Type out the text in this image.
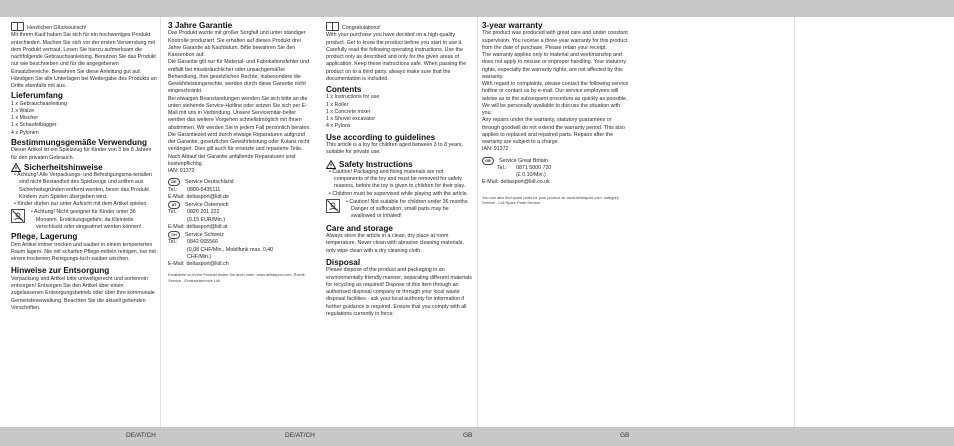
Herzlichen Glückwunsch!

Mit Ihrem Kauf haben Sie sich für ein hochwertiges Produkt entschieden. Machen Sie sich vor der ersten Verwendung mit dem Produkt vertraut. Lesen Sie hierzu aufmerksam die nachfolgende Gebrauchsanleitung. Benutzen Sie das Produkt nur wie beschrieben und für die angegebenen Einsatzbereiche. Bewahren Sie diese Anleitung gut auf. Händigen Sie alle Unterlagen bei Weitergabe des Produkts an Dritte ebenfalls mit aus.

Lieferumfang
1 x Gebrauchsanleitung
1 x Walze
1 x Mischer
1 x Schaufelbagger
4 x Pylonen
Bestimmungsgemäße Verwendung

Dieser Artikel ist ein Spielzeug für Kinder von 3 bis 8 Jahren für den privaten Gebrauch.

Sicherheitshinweise
• Achtung! Alle Verpackungs- und Befestigungsma-terialien sind nicht Bestandteil des Spielzeugs und sollten aus Sicherheitsgründen entfernt werden, bevor das Produkt Kindern zum Spielen übergeben wird.
• Kinder dürfen nur unter Aufsicht mit dem Artikel spielen.

• Achtung! Nicht geeignet für Kinder unter 36 Monaten. Erstickungsgefahr, da Kleinteile verschluckt oder eingeatmet werden können!

Pflege, Lagerung

Den Artikel immer trocken und sauber in einem temperierten Raum lagern. Nie mit scharfen Pflege-mitteln reinigen, nur mit einem trockenen Reinigungs-tuch sauber wischen.

Hinweise zur Entsorgung

Verpackung und Artikel bitte umweltgerecht und sortenrein entsorgen! Entsorgen Sie den Artikel über einen zugelassenen Entsorgungsbetrieb oder über Ihre kommunale Gemeindeverwaltung. Beachten Sie die aktuell geltenden Vorschriften.

3 Jahre Garantie

Das Produkt wurde mit großer Sorgfalt und unter ständiger Kontrolle produziert. Sie erhalten auf dieses Produkt drei Jahre Garantie ab Kaufdatum. Bitte bewahren Sie den Kassenbon auf.

Die Garantie gilt nur für Material- und Fabrikationsfehler und entfällt bei missbräuchlicher oder unsachgemäßer Behandlung. Ihre gesetzlichen Rechte, insbesondere die Gewährleistungsrechte, werden durch diese Garantie nicht eingeschränkt.

Bei etwaigen Beanstandungen wenden Sie sich bitte an die unten stehende Service-Hotline oder setzen Sie sich per E-Mail mit uns in Verbindung. Unsere Servicemitar-beiter werden das weitere Vorgehen schnellstmöglich mit Ihnen abstimmen. Wir werden Sie in jedem Fall persönlich beraten. Die Garantiezeit wird durch etwaige Reparaturen aufgrund der Garantie, gesetzlicher Gewährleistung oder Kulanz nicht verlängert. Dies gilt auch für ersetzte und reparierte Teile. Nach Ablauf der Garantie anfallende Reparaturen sind kostenpflichtig.

IAN: 91372

DE Service Deutschland

Tel.:	0800-5435111
E-Mail: deltasport@lidl.de

AT Service Österreich

Tel.:	0820 201 222
(0,15 EUR/Min.)
E-Mail: deltasport@lidl.at

CH Service Schweiz

Tel.:	0842 665566
(0,08 CHF/Min., Mobilfunk max. 0,40 CHF/Min.)
E-Mail: deltasport@lidl.ch

Ersatzteile zu ihrem Produkt finden Sie auch unter: www.deltasport.com, Rubrik Service - Ersatzteilservice Lidl

Congratulations!

With your purchase you have decided on a high-quality product. Get to know the product before you start to use it. Carefully read the following operating instructions. Use the product only as described and only for the given areas of application. Keep these instructions safe. When passing the product on to a third party, always make sure that the documentation is included.

Contents
1 x Instructions for use
1 x Roller
1 x Concrete mixer
1 x Shovel excavator
4 x Pylons
Use according to guidelines

This article is a toy for children aged between 3 to 8 years, suitable for private use.

Safety Instructions
• Caution! Packaging and fixing materials are not components of the toy and must be removed for safety reasons, before the toy is given to children for their play.
• Children must be supervised while playing with the article.

• Caution! Not suitable for children under 36 months. Danger of suffocation; small parts may be swallowed or inhaled!

Care and storage

Always store the article in a clean, dry place at room temperature. Never clean with abrasive cleaning materials, only wipe clean with a dry cleaning cloth.

Disposal

Please dispose of the product and packaging in an environmentally friendly manner, separating different materials for recycling as required! Dispose of this item through an authorised disposal company or through your local waste disposal facilities - ask your local authority for information if further guidance is required. Ensure that you comply with all regulations currently in force.

3-year warranty

The product was produced with great care and under constant supervision. You receive a three-year warranty for this product from the date of purchase. Please retain your receipt.

The warranty applies only to material and workmanship and does not apply to misuse or improper handling. Your statutory rights, especially the warranty rights, are not affected by this warranty.

With regard to complaints, please contact the following service hotline or contact us by e-mail. Our service employees will advise as to the subsequent procedure as quickly as possible. We will be personally available to discuss the situation with you.

Any repairs under the warranty, statutory guarantees or through goodwill do not extend the warranty period. This also applies to replaced and repaired parts. Repairs after the warranty are subject to a charge.

IAN: 91372

GB Service Great Britain

Tel.:	0871 5000 720
(£ 0.10/Min.)
E-Mail: deltasport@lidl.co.uk

You can also find spare parts for your product at: www.deltasport.com, category Service - Lidl Spare Parts Service

DE/AT/CH	DE/AT/CH	GB	GB
